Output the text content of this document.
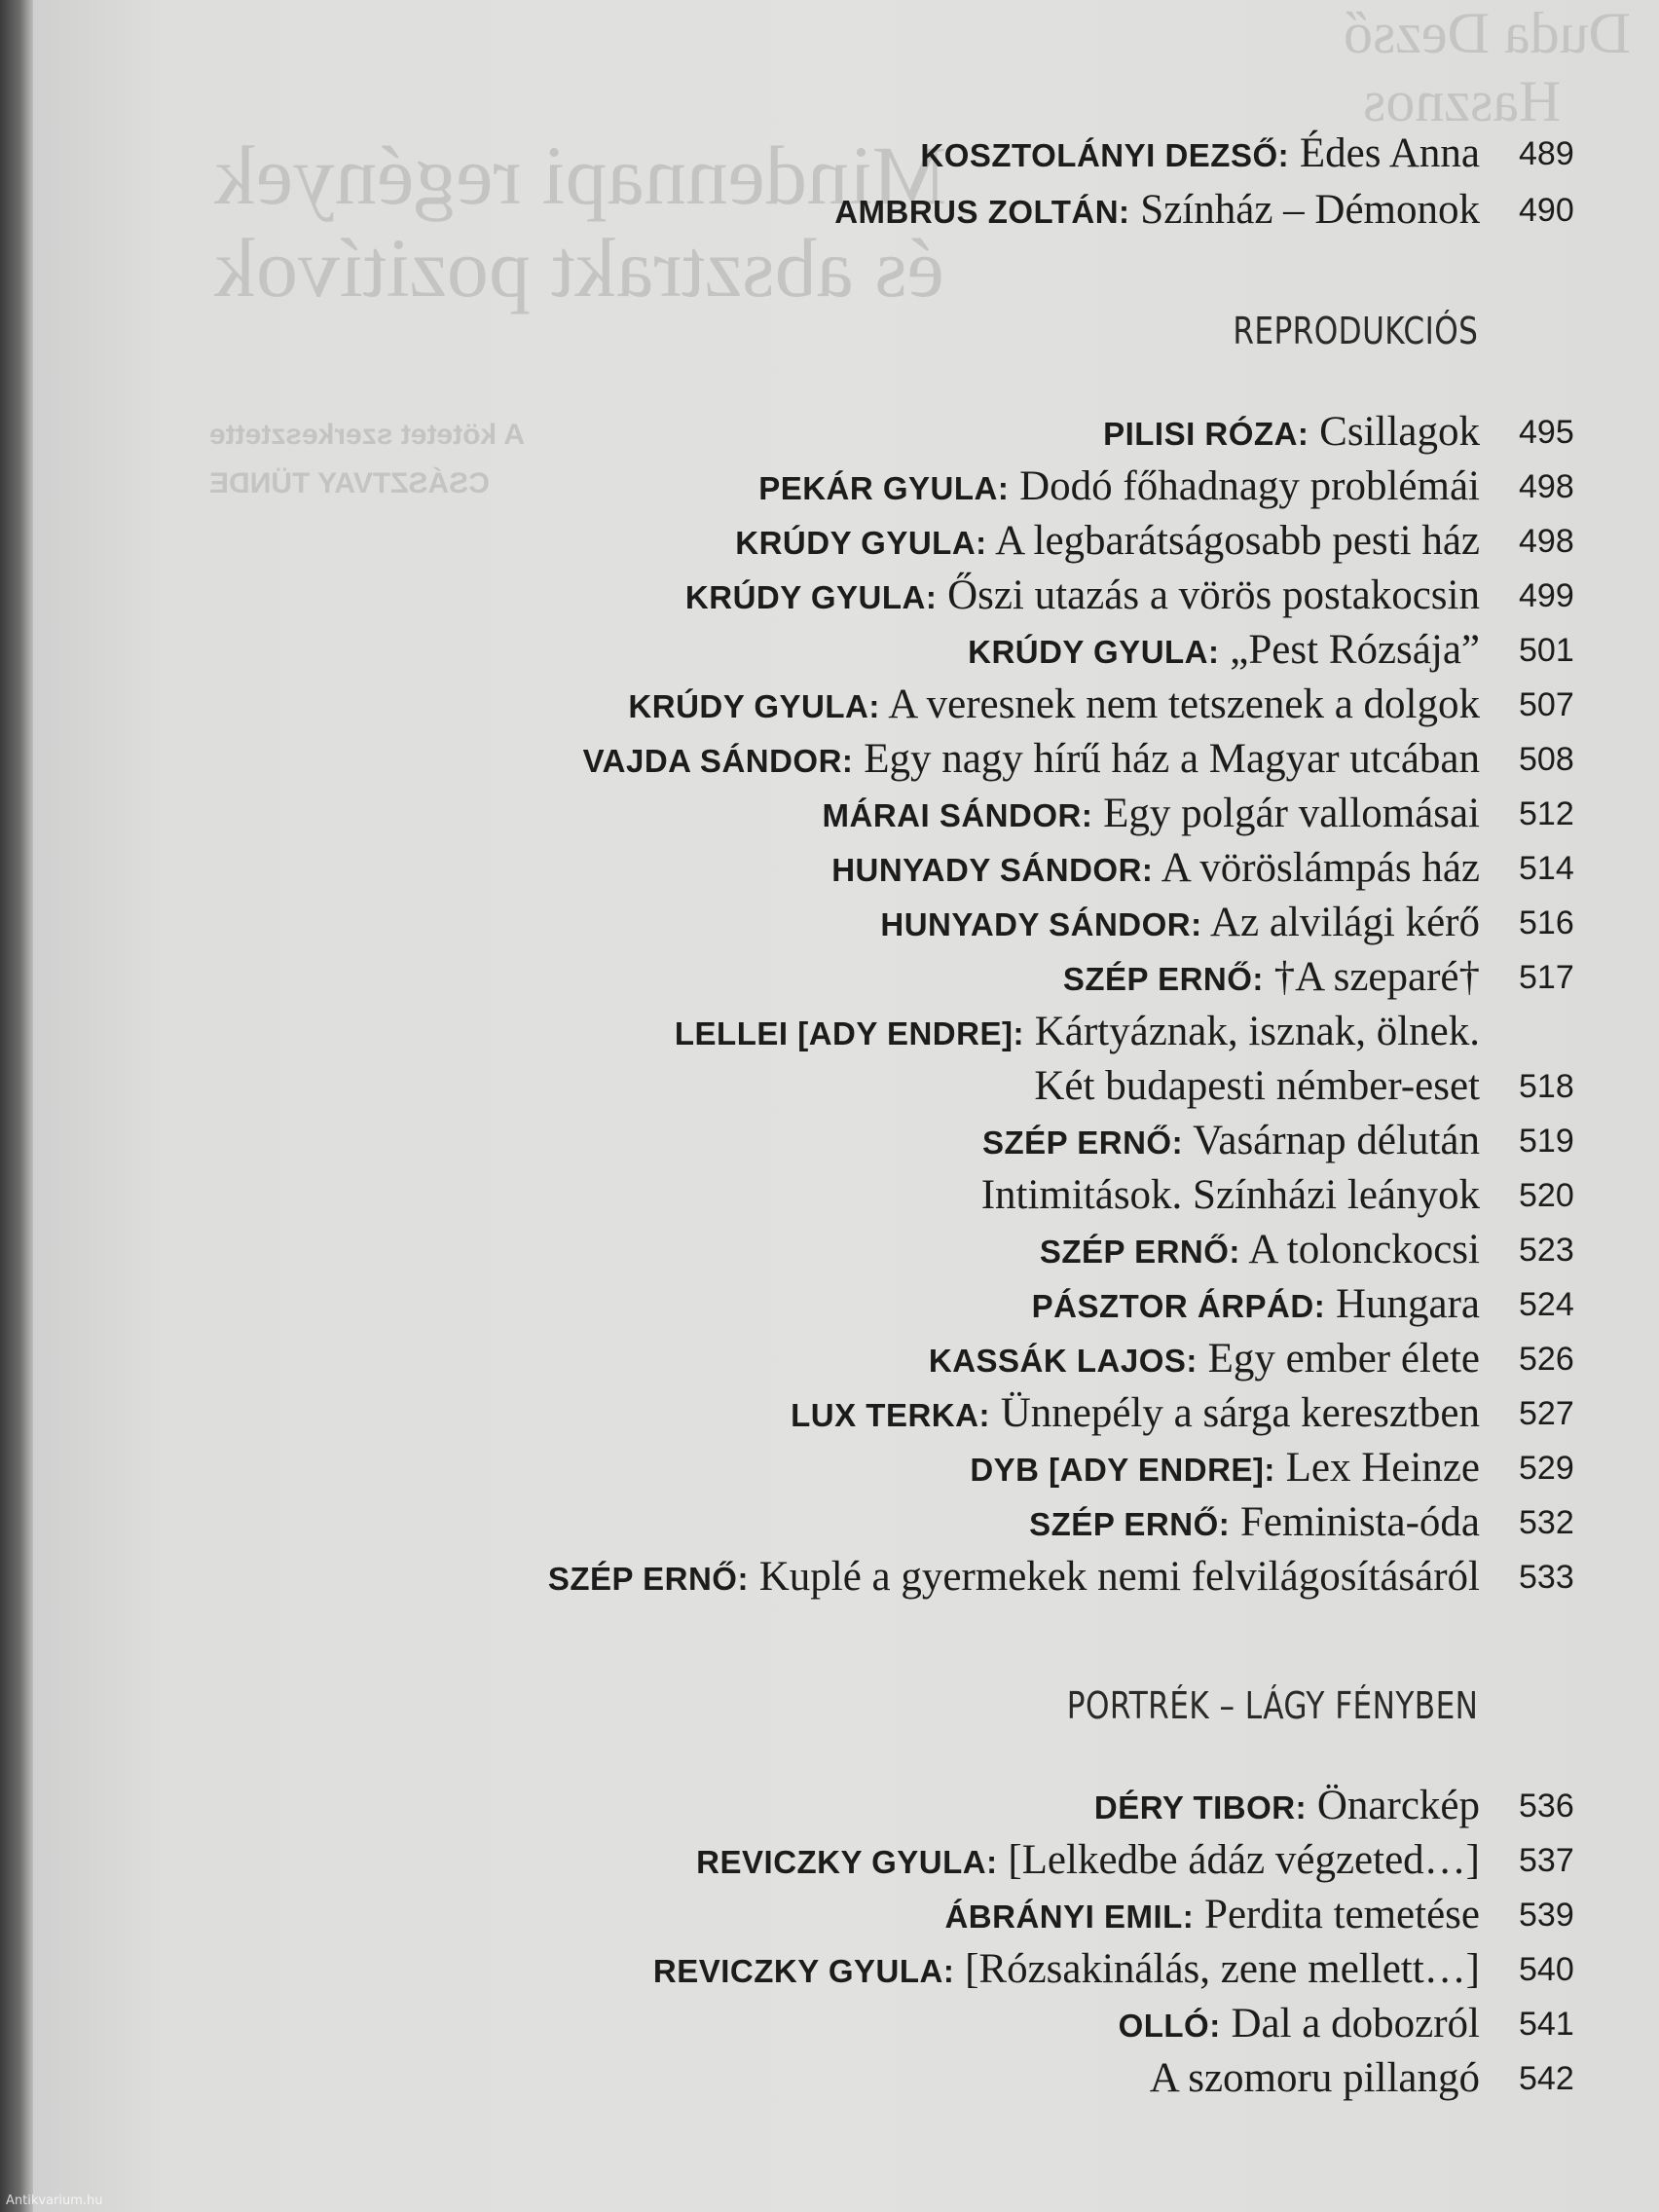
Mindennapi regények
és absztrakt pozitívok
Duda Dezső
Hasznos
A kötetet szerkesztette
CSÁSZTVAY TÜNDE
KOSZTOLÁNYI DEZSŐ: Édes Anna 489
AMBRUS ZOLTÁN: Színház – Démonok 490
REPRODUKCIÓS
PILISI RÓZA: Csillagok 495
PEKÁR GYULA: Dodó főhadnagy problémái 498
KRÚDY GYULA: A legbarátságosabb pesti ház 498
KRÚDY GYULA: Őszi utazás a vörös postakocsin 499
KRÚDY GYULA: „Pest Rózsája” 501
KRÚDY GYULA: A veresnek nem tetszenek a dolgok 507
VAJDA SÁNDOR: Egy nagy hírű ház a Magyar utcában 508
MÁRAI SÁNDOR: Egy polgár vallomásai 512
HUNYADY SÁNDOR: A vöröslámpás ház 514
HUNYADY SÁNDOR: Az alvilági kérő 516
SZÉP ERNŐ: †A szeparé† 517
LELLEI [ADY ENDRE]: Kártyáznak, isznak, ölnek.
Két budapesti némber-eset 518
SZÉP ERNŐ: Vasárnap délután 519
Intimitások. Színházi leányok 520
SZÉP ERNŐ: A tolonckocsi 523
PÁSZTOR ÁRPÁD: Hungara 524
KASSÁK LAJOS: Egy ember élete 526
LUX TERKA: Ünnepély a sárga keresztben 527
DYB [ADY ENDRE]: Lex Heinze 529
SZÉP ERNŐ: Feminista-óda 532
SZÉP ERNŐ: Kuplé a gyermekek nemi felvilágosításáról 533
PORTRÉK – LÁGY FÉNYBEN
DÉRY TIBOR: Önarckép 536
REVICZKY GYULA: [Lelkedbe ádáz végzeted…] 537
ÁBRÁNYI EMIL: Perdita temetése 539
REVICZKY GYULA: [Rózsakinálás, zene mellett…] 540
OLLÓ: Dal a dobozról 541
A szomoru pillangó 542
Antikvarium.hu
